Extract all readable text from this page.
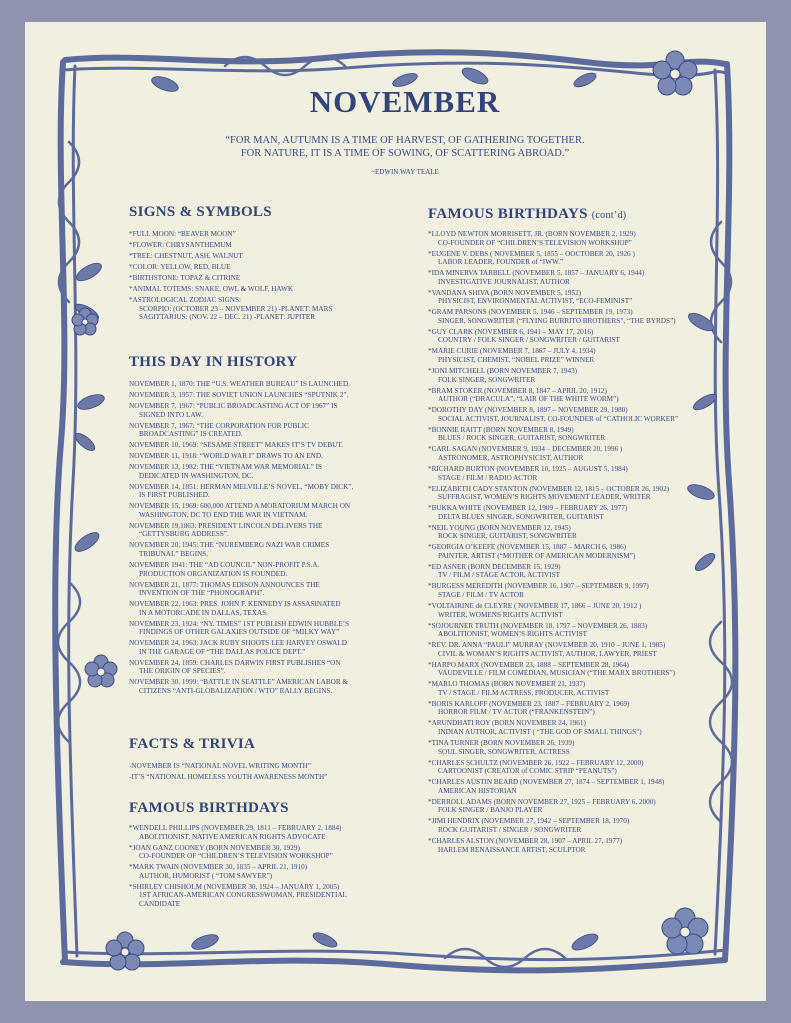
NOVEMBER
“FOR MAN, AUTUMN IS A TIME OF HARVEST, OF GATHERING TOGETHER.
FOR NATURE, IT IS A TIME OF SOWING, OF SCATTERING ABROAD.”
~EDWIN WAY TEALE
SIGNS & SYMBOLS
*FULL MOON: “BEAVER MOON”
*FLOWER: CHRYSANTHEMUM
*TREE: CHESTNUT, ASH, WALNUT
*COLOR: YELLOW, RED, BLUE
*BIRTHSTONE: TOPAZ & CITRINE
*ANIMAL TOTEMS: SNAKE, OWL & WOLF, HAWK
*ASTROLOGICAL ZODIAC SIGNS:
SCORPIO: (OCTOBER 23 – NOVEMBER 21) -PLANET: MARS
SAGITTARIUS: (NOV. 22 – DEC. 21) -PLANET: JUPITER
THIS DAY IN HISTORY
NOVEMBER 1, 1870: THE “U.S. WEATHER BUREAU” IS LAUNCHED.
NOVEMBER 3, 1957: THE SOVIET UNION LAUNCHES “SPUTNIK 2”.
NOVEMBER 7, 1967: “PUBLIC BROADCASTING ACT OF 1967” IS
SIGNED INTO LAW.
NOVEMBER 7, 1967: “THE CORPORATION FOR PUBLIC
BROADCASTING” IS CREATED.
NOVEMBER 10, 1969: “SESAME STREET” MAKES IT’S TV DEBUT.
NOVEMBER 11, 1918: “WORLD WAR I” DRAWS TO AN END.
NOVEMBER 13, 1982: THE “VIETNAM WAR MEMORIAL” IS
DEDICATED IN WASHINGTON, DC.
NOVEMBER 14, 1851: HERMAN MELVILLE’S NOVEL, “MOBY DICK”,
IS FIRST PUBLISHED.
NOVEMBER 15, 1969: 600,000 ATTEND A MORATORIUM MARCH ON
WASHINGTON, DC TO END THE WAR IN VIETNAM.
NOVEMBER 19,1863: PRESIDENT LINCOLN DELIVERS THE
“GETTYSBURG ADDRESS”.
NOVEMBER 20, 1945: THE “NUREMBERG NAZI WAR CRIMES
TRIBUNAL” BEGINS.
NOVEMBER 1941: THE “AD COUNCIL” NON-PROFIT P.S.A.
PRODUCTION ORGANIZATION IS FOUNDED.
NOVEMBER 21, 1877: THOMAS EDISON ANNOUNCES THE
INVENTION OF THE “PHONOGRAPH”.
NOVEMBER 22, 1963: PRES. JOHN F. KENNEDY IS ASSASINATED
IN A MOTORCADE IN DALLAS, TEXAS.
NOVEMBER 23, 1924: “NY. TIMES” 1ST PUBLISH EDWIN HUBBLE’S
FINDINGS OF OTHER GALAXIES OUTSIDE OF “MILKY WAY”
NOVEMBER 24, 1963: JACK RUBY SHOOTS LEE HARVEY OSWALD
IN THE GARAGE OF “THE DALLAS POLICE DEPT.”
NOVEMBER 24, 1859: CHARLES DARWIN FIRST PUBLISHES “ON
THE ORIGIN OF SPECIES”.
NOVEMBER 30, 1999: “BATTLE IN SEATTLE” AMERICAN LABOR &
CITIZENS “ANTI-GLOBALIZATION / WTO” RALLY BEGINS.
FACTS & TRIVIA
-NOVEMBER IS “NATIONAL NOVEL WRITING MONTH”
-IT’S “NATIONAL HOMELESS YOUTH AWARENESS MONTH”
FAMOUS BIRTHDAYS
*WENDELL PHILLIPS (NOVEMBER 29, 1811 – FEBRUARY 2, 1884)
ABOLITIONIST, NATIVE AMERICAN RIGHTS ADVOCATE
*JOAN GANZ COONEY (BORN NOVEMBER 30, 1929)
CO-FOUNDER OF “CHILDREN’S TELEVISION WORKSHOP”
*MARK TWAIN (NOVEMBER 30, 1835 – APRIL 21, 1910)
AUTHOR, HUMORIST ( “TOM SAWYER”)
*SHIRLEY CHISHOLM (NOVEMBER 30, 1924 – JANUARY 1, 2005)
1ST AFRICAN-AMERICAN CONGRESSWOMAN, PRESIDENTIAL
CANDIDATE
FAMOUS BIRTHDAYS (cont’d)
*LLOYD NEWTON MORRISETT, JR. (BORN NOVEMBER 2, 1929)
CO-FOUNDER OF “CHILDREN’S TELEVISION WORKSHOP”
*EUGENE V. DEBS ( NOVEMBER 5, 1855 – OOCTOBER 20, 1926 )
LABOR LEADER, FOUNDER of “IWW.”
*IDA MINERVA TARBELL (NOVEMBER 5, 1857 – JANUARY 6, 1944)
INVESTIGATIVE JOURNALIST, AUTHOR
*VANDANA SHIVA (BORN NOVEMBER 5, 1952)
PHYSICIST, ENVIRONMENTAL ACTIVIST, “ECO-FEMINIST”
*GRAM PARSONS (NOVEMBER 5, 1946 – SEPTEMBER 19, 1973)
SINGER, SONGWRITER (“FLYING BURRITO BROTHERS”, “THE BYRDS”)
*GUY CLARK (NOVEMBER 6, 1941 – MAY 17, 2016)
COUNTRY / FOLK SINGER / SONGWRITER / GUITARIST
*MARIE CURIE (NOVEMBER 7, 1867 – JULY 4, 1934)
PHYSICIST, CHEMIST, “NOBEL PRIZE” WINNER
*JONI MITCHELL (BORN NOVEMBER 7, 1943)
FOLK SINGER, SONGWRITER
*BRAM STOKER (NOVEMBER 8, 1847 – APRIL 20, 1912)
AUTHOR (“DRACULA”, “LAIR OF THE WHITE WORM”)
*DOROTHY DAY (NOVEMBER 8, 1897 – NOVEMBER 29, 1980)
SOCIAL ACTIVIST, JOURNALIST, CO-FOUNDER of “CATHOLIC WORKER”
*BONNIE RAITT (BORN NOVEMBER 8, 1949)
BLUES / ROCK SINGER, GUITARIST, SONGWRITER
*CARL SAGAN (NOVEMBER 9, 1934 – DECEMBER 20, 1996 )
ASTRONOMER, ASTROPHYSICIST, AUTHOR
*RICHARD BURTON (NOVEMBER 10, 1925 – AUGUST 5, 1984)
STAGE / FILM / RADIO ACTOR
*ELIZABETH CADY STANTON (NOVEMBER 12, 1815 – OCTOBER 26, 1902)
SUFFRAGIST, WOMEN’S RIGHTS MOVEMENT LEADER, WRITER
*BUKKA WHITE (NOVEMBER 12, 1909 – FEBRUARY 26, 1977)
DELTA BLUES SINGER, SONGWRITER, GUITARIST
*NEIL YOUNG (BORN NOVEMBER 12, 1945)
ROCK SINGER, GUITARIST, SONGWRITER
*GEORGIA O’KEEFE (NOVEMBER 15, 1887 – MARCH 6, 1986)
PAINTER, ARTIST (“MOTHER OF AMERICAN MODERNISM”)
*ED ASNER (BORN DECEMBER 15, 1929)
TV / FILM / STAGE ACTOR, ACTIVIST
*BURGESS MEREDITH (NOVEMBER 16, 1907 – SEPTEMBER 9, 1997)
STAGE / FILM / TV ACTOR
*VOLTAIRINE de CLEYRE ( NOVEMBER 17, 1866 – JUNE 20, 1912 )
WRITER, WOMENS RIGHTS ACTIVIST
*SOJOURNER TRUTH (NOVEMBER 18, 1797 – NOVEMBER 26, 1883)
ABOLITIONIST, WOMEN’S RIGHTS ACTIVIST
*REV. DR. ANNA “PAULI” MURRAY (NOVEMBER 20, 1910 – JUNE 1, 1985)
CIVIL & WOMAN’S RIGHTS ACTIVIST, AUTHOR, LAWYER, PRIEST
*HARPO MARX (NOVEMBER 23, 1888 – SEPTEMBER 28, 1964)
VAUDEVILLE / FILM COMEDIAN, MUSICIAN (“THE MARX BROTHERS”)
*MARLO THOMAS (BORN NOVEMBER 21, 1937)
TV / STAGE / FILM ACTRESS, PRODUCER, ACTIVIST
*BORIS KARLOFF (NOVEMBER 23, 1887 – FEBRUARY 2, 1969)
HORROR FILM / TV ACTOR (“FRANKENSTEIN”)
*ARUNDHATI ROY (BORN NOVEMBER 24, 1961)
INDIAN AUTHOR, ACTIVIST ( “THE GOD OF SMALL THINGS”)
*TINA TURNER (BORN NOVEMBER 26, 1939)
SOUL SINGER, SONGWRITER, ACTRESS
*CHARLES SCHULTZ (NOVEMBER 26, 1922 – FEBRUARY 12, 2000)
CARTOONIST (CREATOR of COMIC STRIP “PEANUTS”)
*CHARLES AUSTIN BEARD (NOVEMBER 27, 1874 – SEPTEMBER 1, 1948)
AMERICAN HISTORIAN
*DERROLL ADAMS (BORN NOVEMBER 27, 1925 – FEBRUARY 6, 2000)
FOLK SINGER / BANJO PLAYER
*JIMI HENDRIX (NOVEMBER 27, 1942 – SEPTEMBER 18, 1970)
ROCK GUITARIST / SINGER / SONGWRITER
*CHARLES ALSTON (NOVEMBER 28, 1907 – APRIL 27, 1977)
HARLEM RENAISSANCE ARTIST, SCULPTOR
